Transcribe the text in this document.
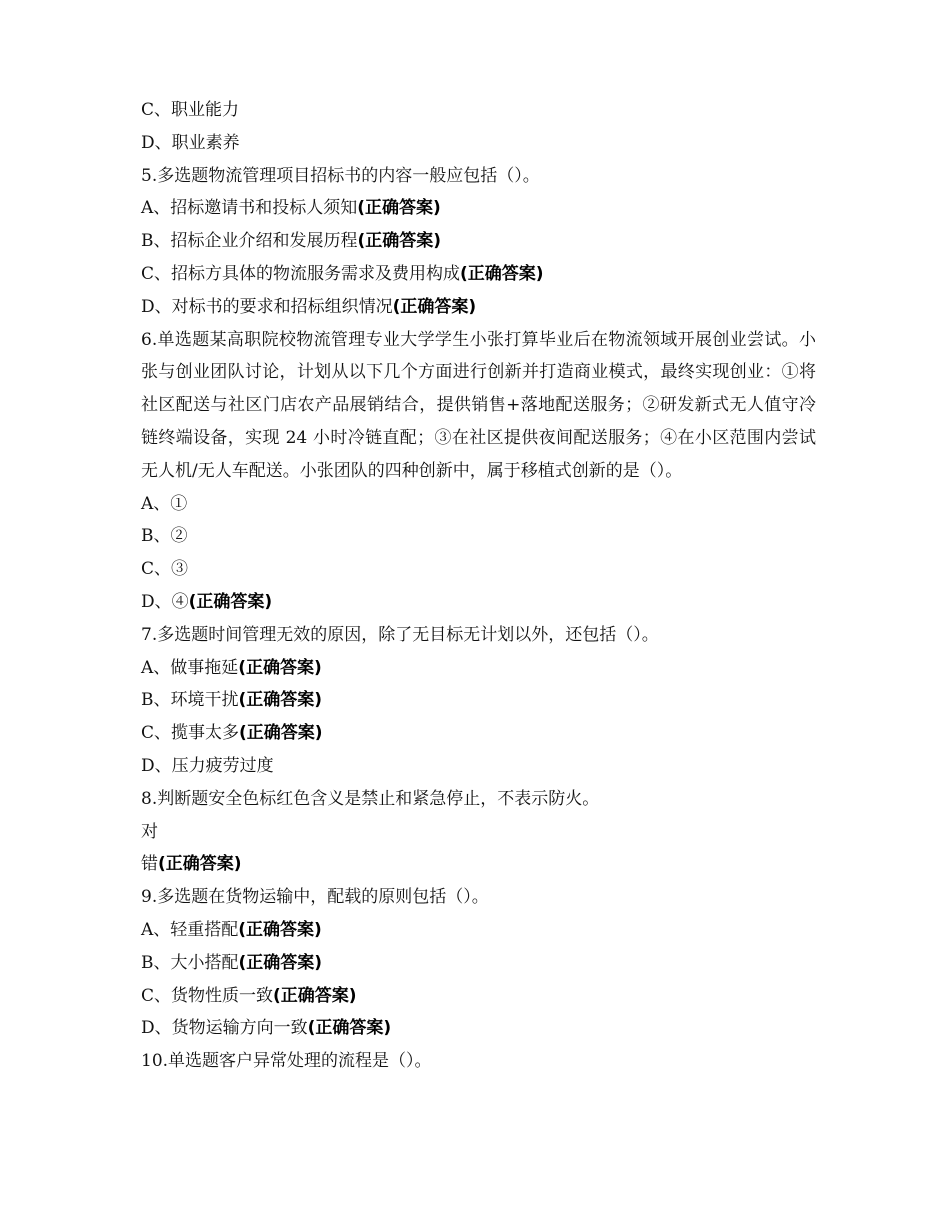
C、职业能力
D、职业素养
5.多选题物流管理项目招标书的内容一般应包括（）。
A、招标邀请书和投标人须知(正确答案)
B、招标企业介绍和发展历程(正确答案)
C、招标方具体的物流服务需求及费用构成(正确答案)
D、对标书的要求和招标组织情况(正确答案)
6.单选题某高职院校物流管理专业大学学生小张打算毕业后在物流领域开展创业尝试。小张与创业团队讨论，计划从以下几个方面进行创新并打造商业模式，最终实现创业：①将社区配送与社区门店农产品展销结合，提供销售+落地配送服务；②研发新式无人值守冷链终端设备，实现 24 小时冷链直配；③在社区提供夜间配送服务；④在小区范围内尝试无人机/无人车配送。小张团队的四种创新中，属于移植式创新的是（）。
A、①
B、②
C、③
D、④(正确答案)
7.多选题时间管理无效的原因，除了无目标无计划以外，还包括（）。
A、做事拖延(正确答案)
B、环境干扰(正确答案)
C、揽事太多(正确答案)
D、压力疲劳过度
8.判断题安全色标红色含义是禁止和紧急停止，不表示防火。
对
错(正确答案)
9.多选题在货物运输中，配载的原则包括（）。
A、轻重搭配(正确答案)
B、大小搭配(正确答案)
C、货物性质一致(正确答案)
D、货物运输方向一致(正确答案)
10.单选题客户异常处理的流程是（）。
